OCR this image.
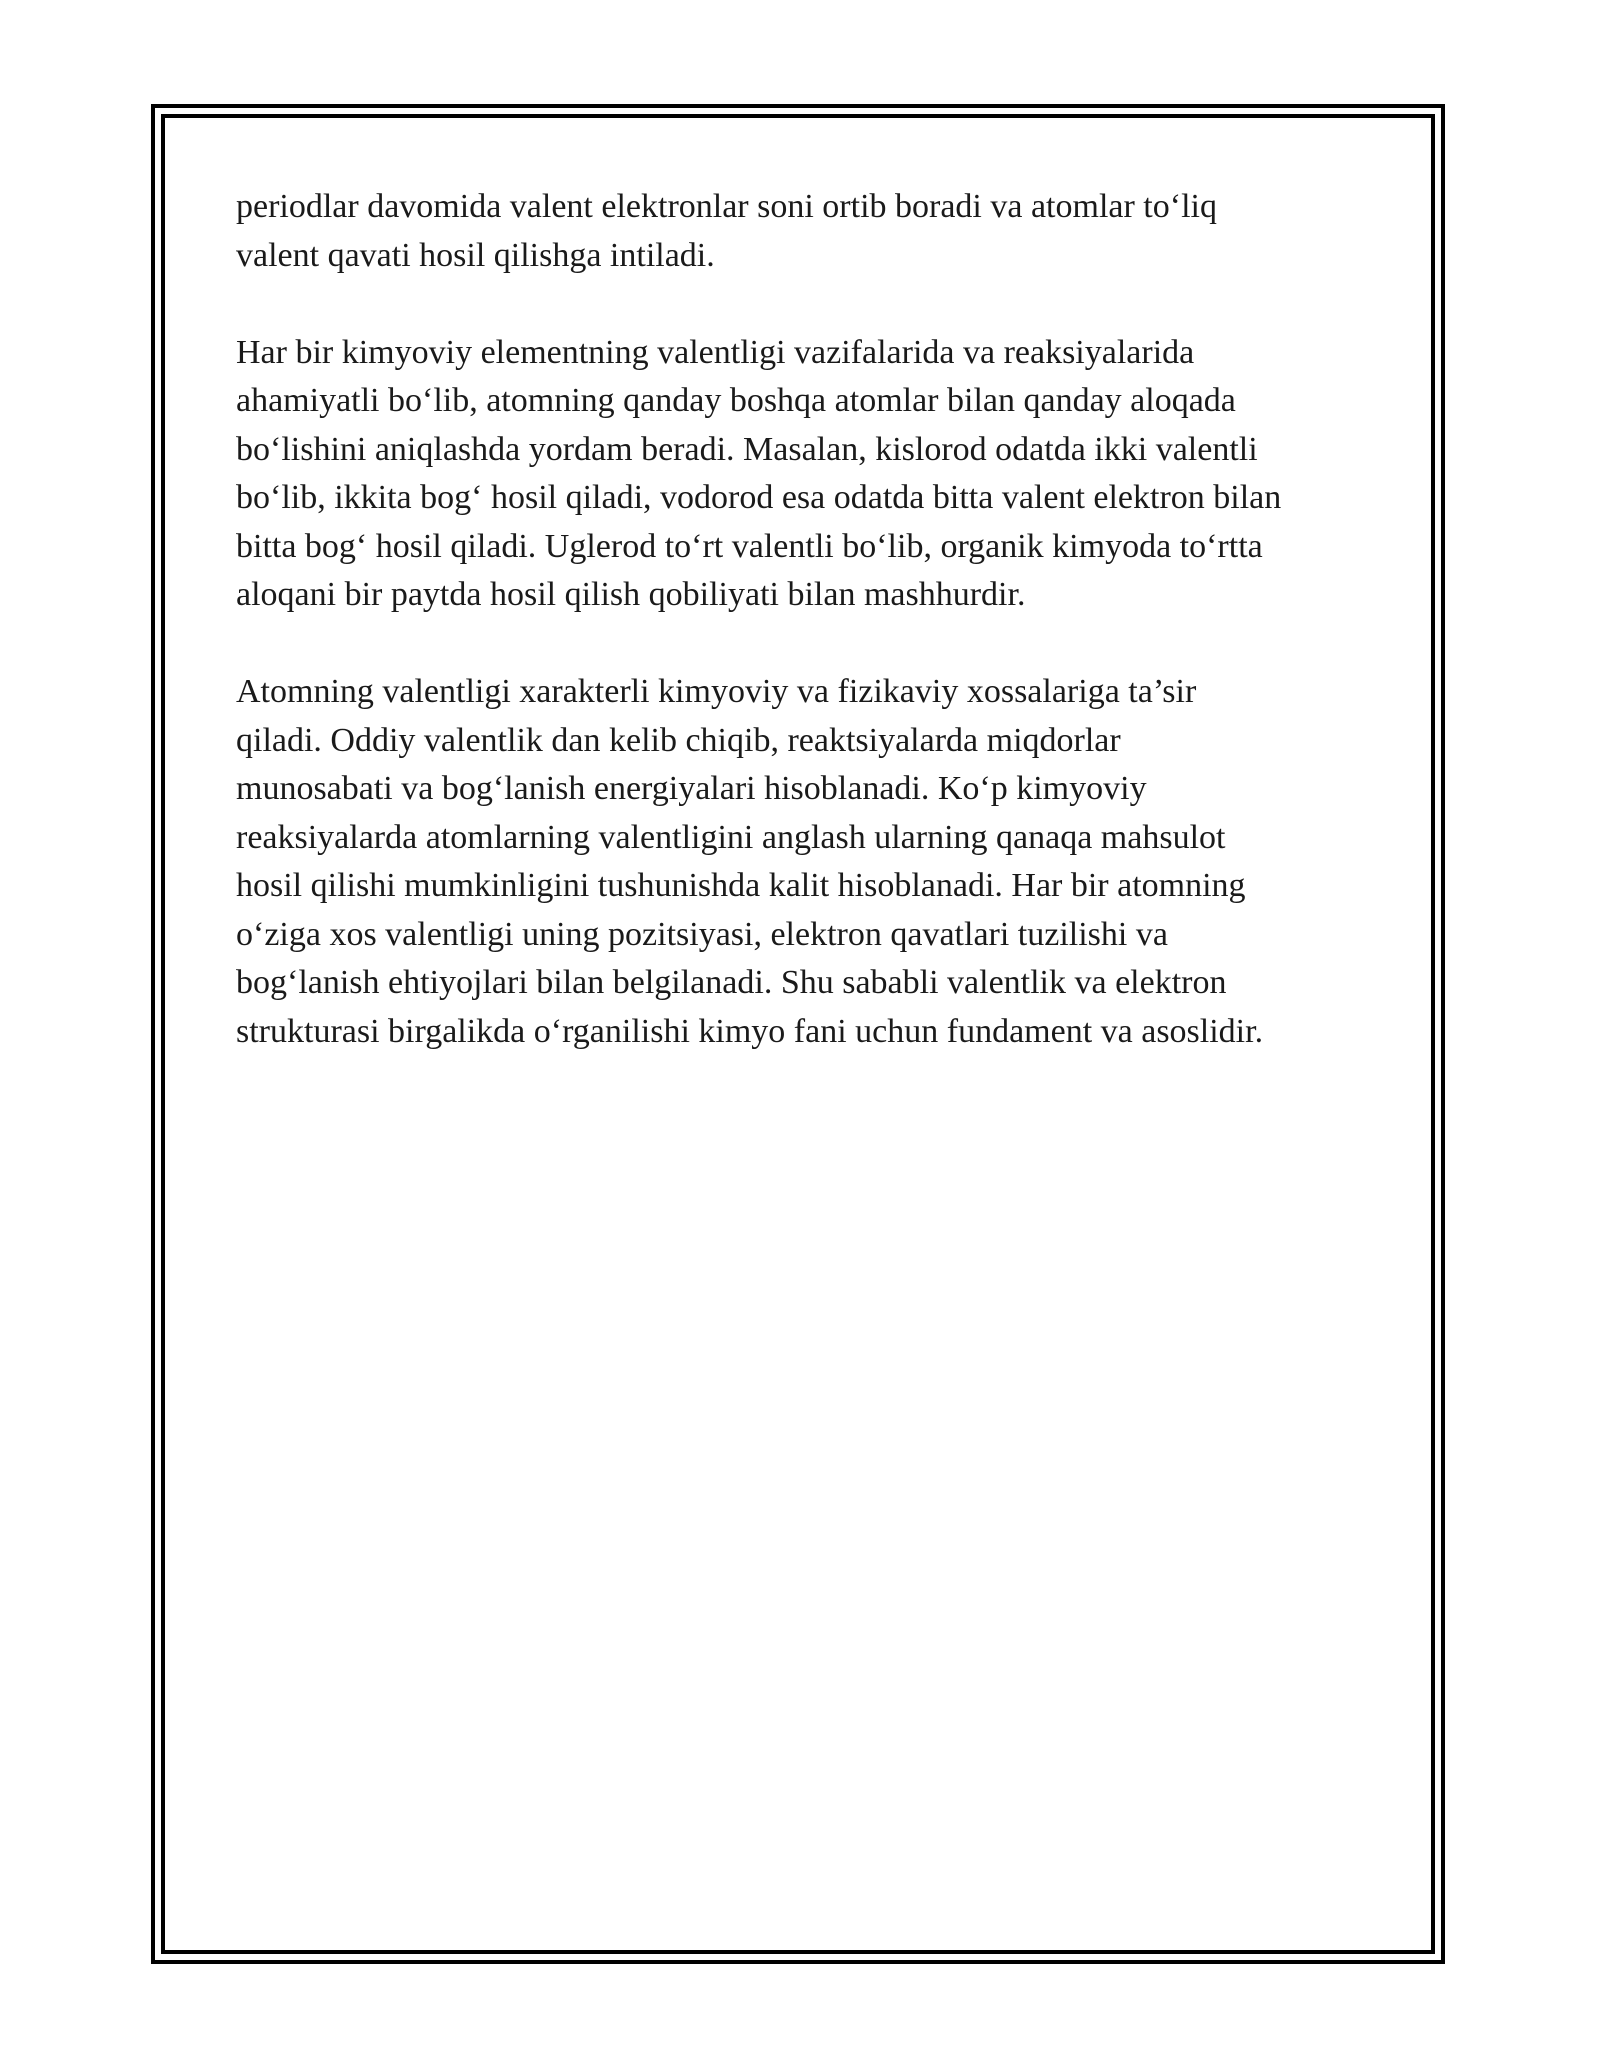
periodlar davomida valent elektronlar soni ortib boradi va atomlar to‘liq
valent qavati hosil qilishga intiladi.

Har bir kimyoviy elementning valentligi vazifalarida va reaksiyalarida
ahamiyatli bo‘lib, atomning qanday boshqa atomlar bilan qanday aloqada
bo‘lishini aniqlashda yordam beradi. Masalan, kislorod odatda ikki valentli
bo‘lib, ikkita bog‘ hosil qiladi, vodorod esa odatda bitta valent elektron bilan
bitta bog‘ hosil qiladi. Uglerod to‘rt valentli bo‘lib, organik kimyoda to‘rtta
aloqani bir paytda hosil qilish qobiliyati bilan mashhurdir.

Atomning valentligi xarakterli kimyoviy va fizikaviy xossalariga ta’sir
qiladi. Oddiy valentlik dan kelib chiqib, reaktsiyalarda miqdorlar
munosabati va bog‘lanish energiyalari hisoblanadi. Ko‘p kimyoviy
reaksiyalarda atomlarning valentligini anglash ularning qanaqa mahsulot
hosil qilishi mumkinligini tushunishda kalit hisoblanadi. Har bir atomning
o‘ziga xos valentligi uning pozitsiyasi, elektron qavatlari tuzilishi va
bog‘lanish ehtiyojlari bilan belgilanadi. Shu sababli valentlik va elektron
strukturasi birgalikda o‘rganilishi kimyo fani uchun fundament va asoslidir.
